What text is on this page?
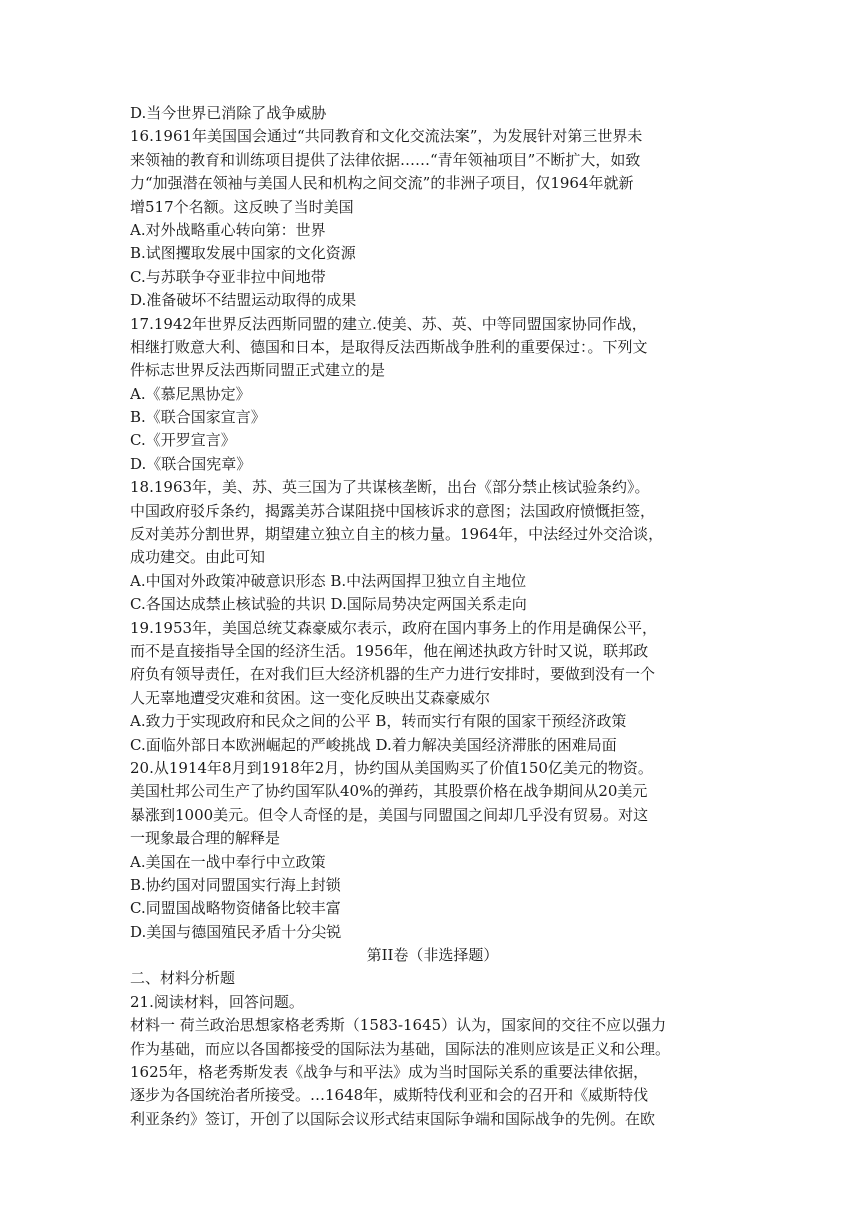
D.当今世界已消除了战争威胁
16.1961年美国国会通过“共同教育和文化交流法案”，为发展针对第三世界未
来领袖的教育和训练项目提供了法律依据……“青年领袖项目”不断扩大，如致
力“加强潜在领袖与美国人民和机构之间交流”的非洲子项目，仅1964年就新
增517个名额。这反映了当时美国
A.对外战略重心转向第：世界
B.试图攫取发展中国家的文化资源
C.与苏联争夺亚非拉中间地带
D.准备破坏不结盟运动取得的成果
17.1942年世界反法西斯同盟的建立.使美、苏、英、中等同盟国家协同作战，
相继打败意大利、德国和日本，是取得反法西斯战争胜利的重要保过：。下列文
件标志世界反法西斯同盟正式建立的是
A.《慕尼黑协定》
B.《联合国家宣言》
C.《开罗宣言》
D.《联合国宪章》
18.1963年，美、苏、英三国为了共谋核垄断，出台《部分禁止核试验条约》。
中国政府驳斥条约，揭露美苏合谋阻挠中国核诉求的意图；法国政府愤慨拒签，
反对美苏分割世界，期望建立独立自主的核力量。1964年，中法经过外交洽谈，
成功建交。由此可知
A.中国对外政策冲破意识形态 B.中法两国捍卫独立自主地位
C.各国达成禁止核试验的共识 D.国际局势决定两国关系走向
19.1953年，美国总统艾森豪威尔表示，政府在国内事务上的作用是确保公平，
而不是直接指导全国的经济生活。1956年，他在阐述执政方针时又说，联邦政
府负有领导责任，在对我们巨大经济机器的生产力进行安排时，要做到没有一个
人无辜地遭受灾难和贫困。这一变化反映出艾森豪威尔
A.致力于实现政府和民众之间的公平 B，转而实行有限的国家干预经济政策
C.面临外部日本欧洲崛起的严峻挑战 D.着力解决美国经济滞胀的困难局面
20.从1914年8月到1918年2月，协约国从美国购买了价值150亿美元的物资。
美国杜邦公司生产了协约国军队40%的弹药，其股票价格在战争期间从20美元
暴涨到1000美元。但令人奇怪的是，美国与同盟国之间却几乎没有贸易。对这
一现象最合理的解释是
A.美国在一战中奉行中立政策
B.协约国对同盟国实行海上封锁
C.同盟国战略物资储备比较丰富
D.美国与德国殖民矛盾十分尖锐
第II卷（非选择题）
二、材料分析题
21.阅读材料，回答问题。
材料一 荷兰政治思想家格老秀斯（1583-1645）认为，国家间的交往不应以强力
作为基础，而应以各国都接受的国际法为基础，国际法的准则应该是正义和公理。
1625年，格老秀斯发表《战争与和平法》成为当时国际关系的重要法律依据，
逐步为各国统治者所接受。…1648年，威斯特伐利亚和会的召开和《威斯特伐
利亚条约》签订，开创了以国际会议形式结束国际争端和国际战争的先例。在欧
